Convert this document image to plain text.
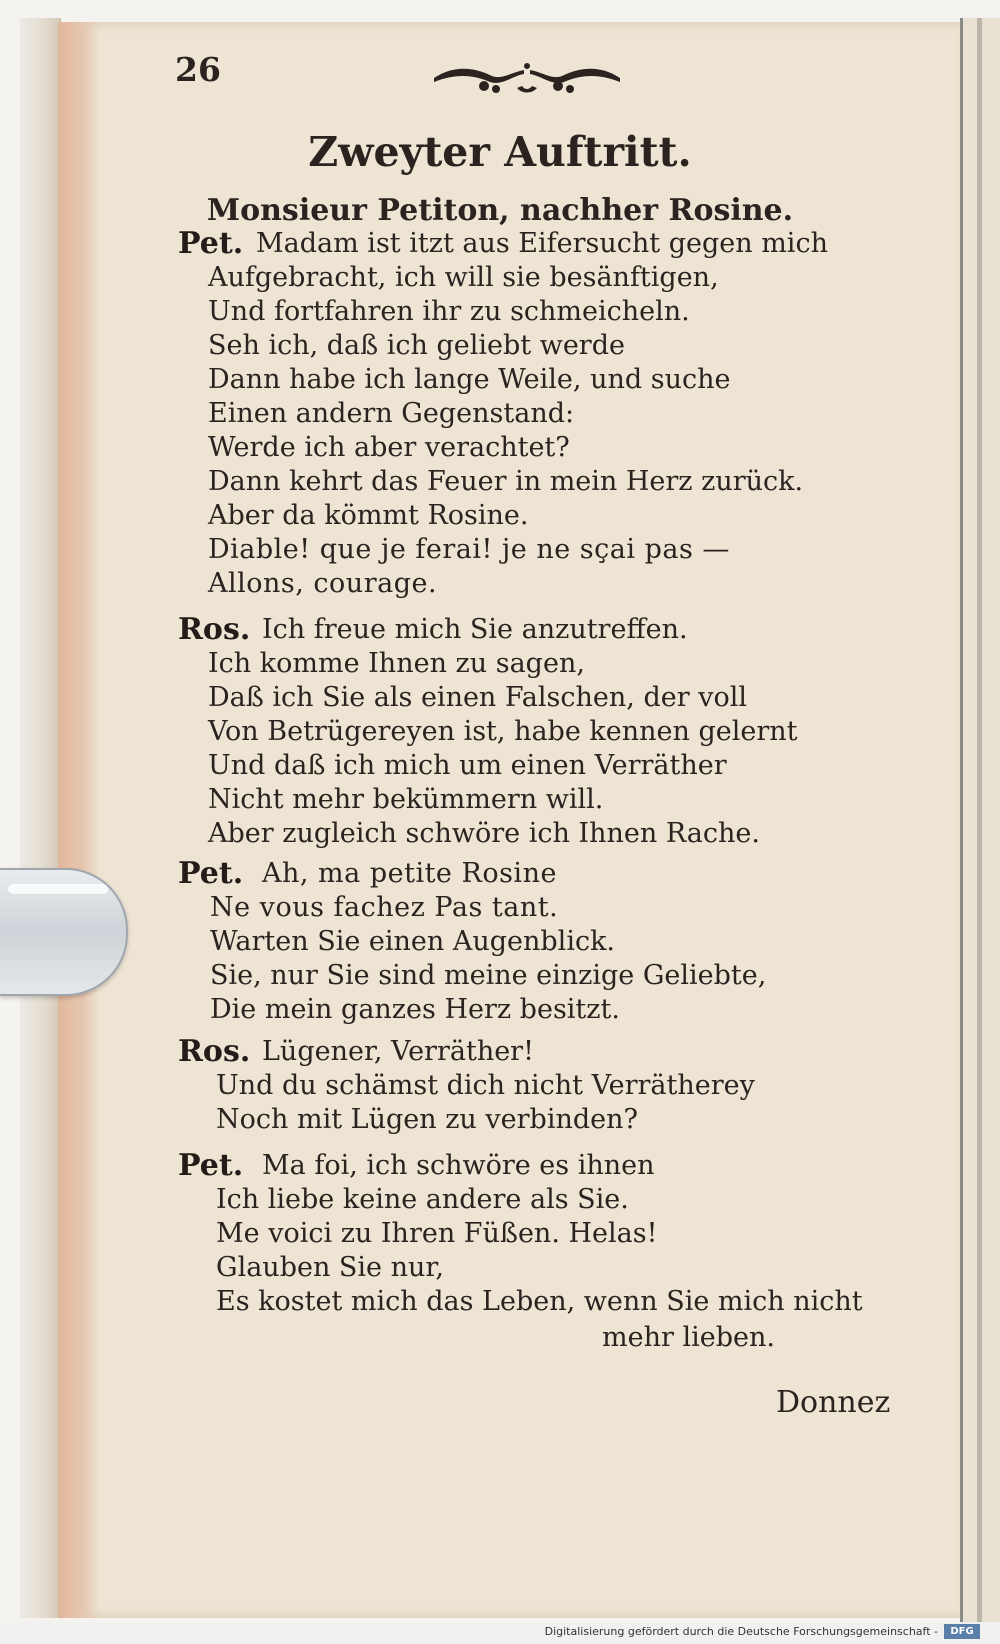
26
Zweyter Auftritt.
Monsieur Petiton, nachher Rosine.
Pet. Madam ist itzt aus Eifersucht gegen mich
Aufgebracht, ich will sie besänftigen,
Und fortfahren ihr zu schmeicheln.
Seh ich, daß ich geliebt werde
Dann habe ich lange Weile, und suche
Einen andern Gegenstand:
Werde ich aber verachtet?
Dann kehrt das Feuer in mein Herz zurück.
Aber da kömmt Rosine.
Diable! que je ferai! je ne sçai pas —
Allons, courage.
Ros. Ich freue mich Sie anzutreffen.
Ich komme Ihnen zu sagen,
Daß ich Sie als einen Falschen, der voll
Von Betrügereyen ist, habe kennen gelernt
Und daß ich mich um einen Verräther
Nicht mehr bekümmern will.
Aber zugleich schwöre ich Ihnen Rache.
Pet. Ah, ma petite Rosine
Ne vous fachez Pas tant.
Warten Sie einen Augenblick.
Sie, nur Sie sind meine einzige Geliebte,
Die mein ganzes Herz besitzt.
Ros. Lügener, Verräther!
Und du schämst dich nicht Verrätherey
Noch mit Lügen zu verbinden?
Pet. Ma foi, ich schwöre es ihnen
Ich liebe keine andere als Sie.
Me voici zu Ihren Füßen. Helas!
Glauben Sie nur,
Es kostet mich das Leben, wenn Sie mich nicht
mehr lieben.
Donnez
Digitalisierung gefördert durch die Deutsche Forschungsgemeinschaft -	DFG
